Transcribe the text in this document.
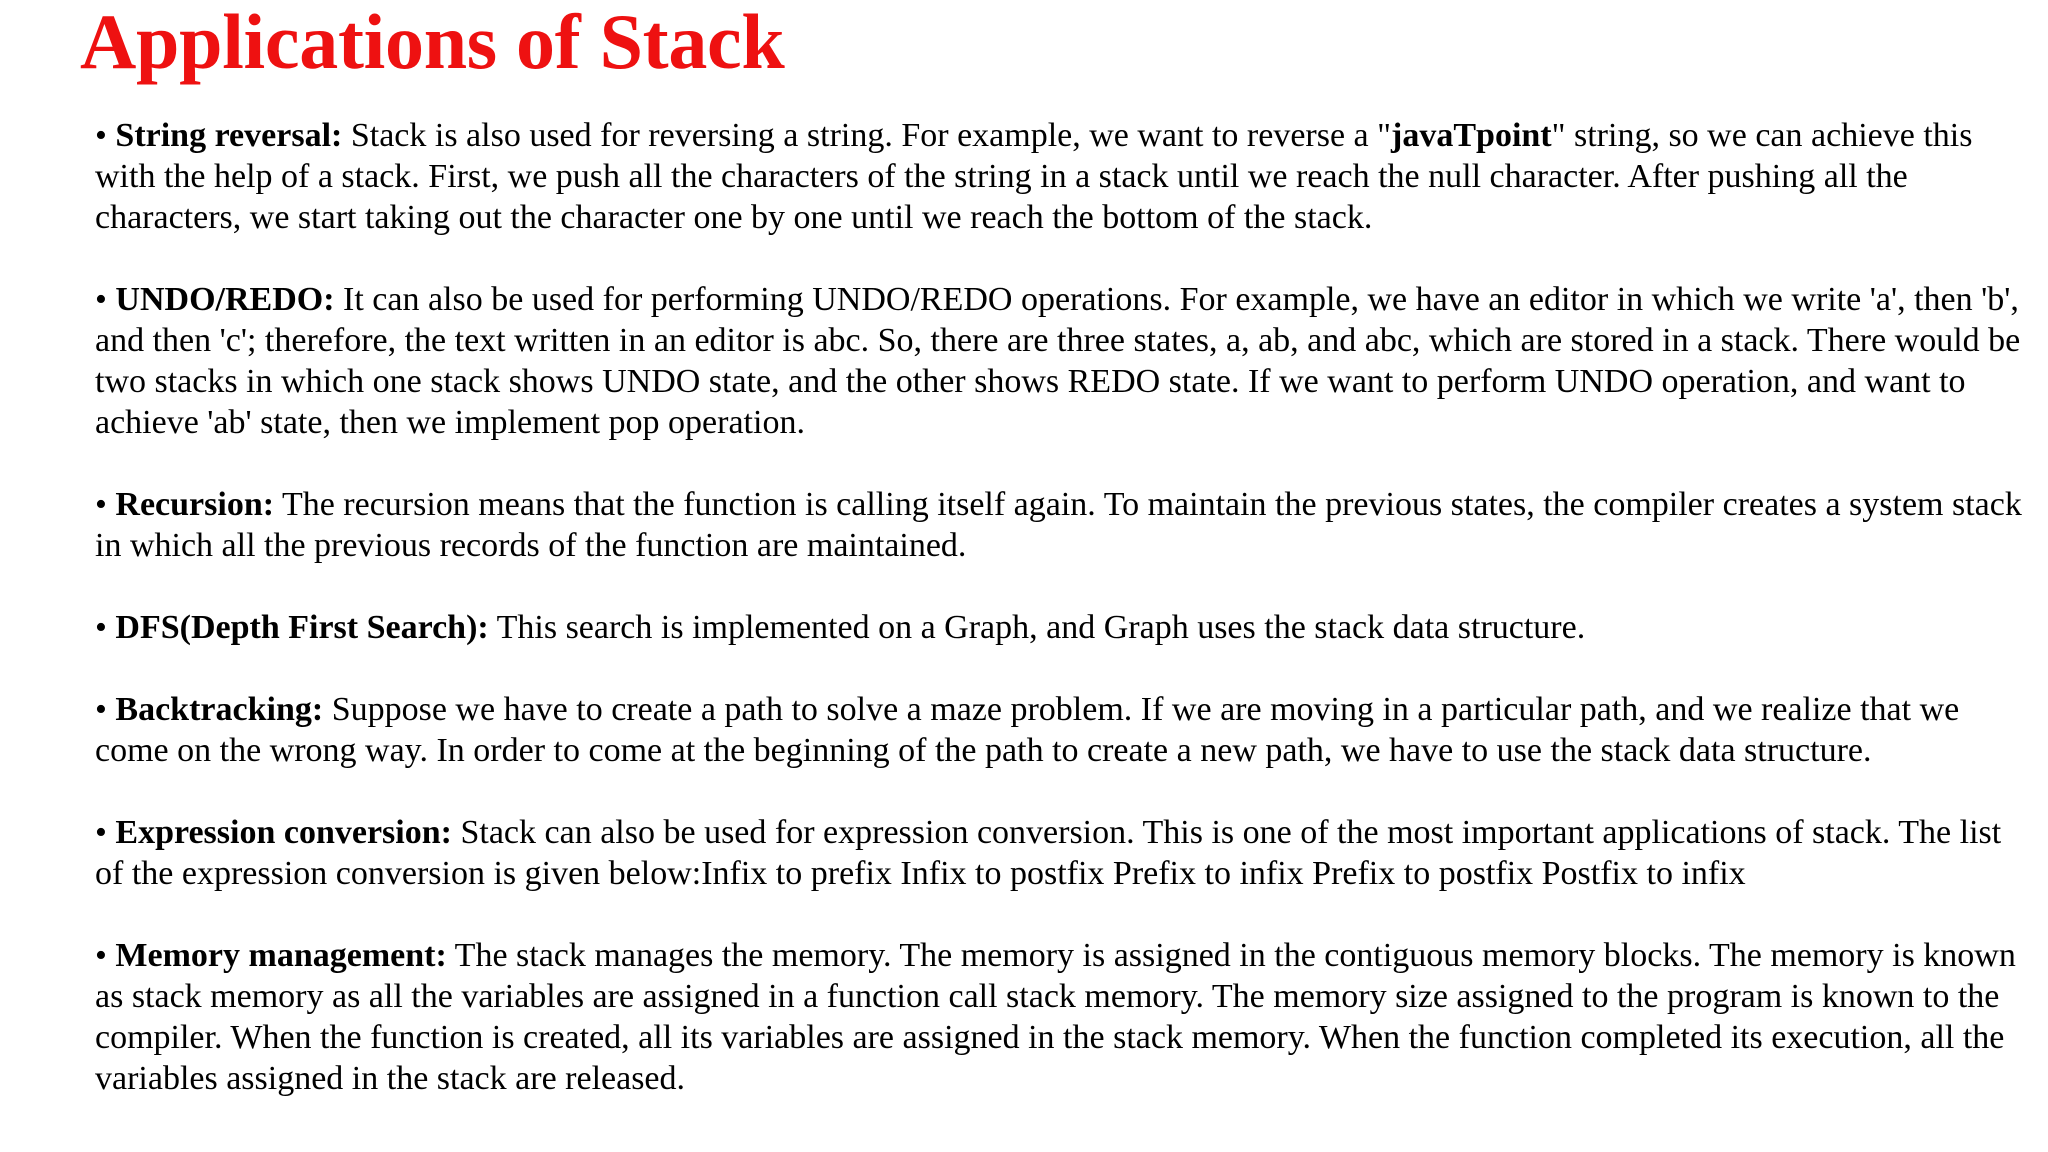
Applications of Stack

• String reversal: Stack is also used for reversing a string. For example, we want to reverse a "javaTpoint" string, so we can achieve this with the help of a stack. First, we push all the characters of the string in a stack until we reach the null character. After pushing all the characters, we start taking out the character one by one until we reach the bottom of the stack.

• UNDO/REDO: It can also be used for performing UNDO/REDO operations. For example, we have an editor in which we write 'a', then 'b', and then 'c'; therefore, the text written in an editor is abc. So, there are three states, a, ab, and abc, which are stored in a stack. There would be two stacks in which one stack shows UNDO state, and the other shows REDO state. If we want to perform UNDO operation, and want to achieve 'ab' state, then we implement pop operation.

• Recursion: The recursion means that the function is calling itself again. To maintain the previous states, the compiler creates a system stack in which all the previous records of the function are maintained.

• DFS(Depth First Search): This search is implemented on a Graph, and Graph uses the stack data structure.

• Backtracking: Suppose we have to create a path to solve a maze problem. If we are moving in a particular path, and we realize that we come on the wrong way. In order to come at the beginning of the path to create a new path, we have to use the stack data structure.

• Expression conversion: Stack can also be used for expression conversion. This is one of the most important applications of stack. The list of the expression conversion is given below:Infix to prefix Infix to postfix Prefix to infix Prefix to postfix Postfix to infix

• Memory management: The stack manages the memory. The memory is assigned in the contiguous memory blocks. The memory is known as stack memory as all the variables are assigned in a function call stack memory. The memory size assigned to the program is known to the compiler. When the function is created, all its variables are assigned in the stack memory. When the function completed its execution, all the variables assigned in the stack are released.
